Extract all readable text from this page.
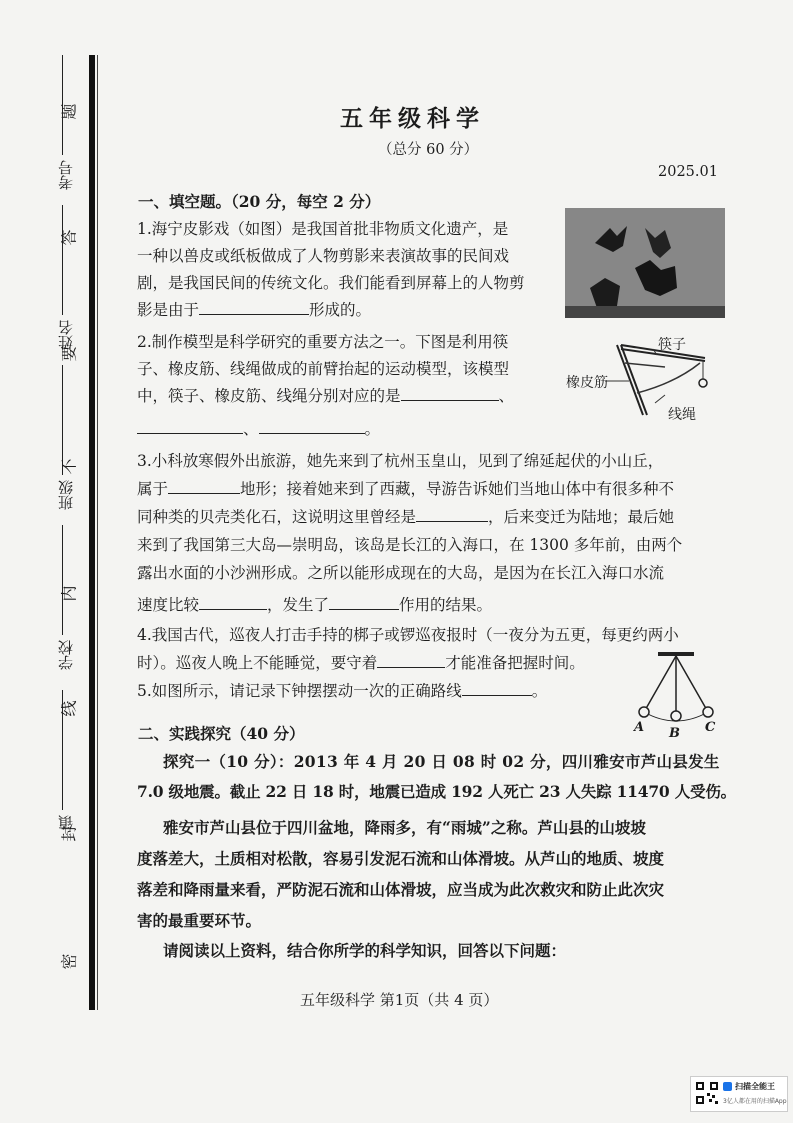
考号
姓名
班级
学校
镇
题
答
要
不
内
线
封
密
五年级科学
（总分 60 分）
2025.01
一、填空题。（20 分，每空 2 分）
1.海宁皮影戏（如图）是我国首批非物质文化遗产，是
一种以兽皮或纸板做成了人物剪影来表演故事的民间戏
剧，是我国民间的传统文化。我们能看到屏幕上的人物剪
影是由于	形成的。
2.制作模型是科学研究的重要方法之一。下图是利用筷
子、橡皮筋、线绳做成的前臂抬起的运动模型，该模型
中，筷子、橡皮筋、线绳分别对应的是	、
、	。
筷子
橡皮筋
线绳
3.小科放寒假外出旅游，她先来到了杭州玉皇山，见到了绵延起伏的小山丘，
属于	地形；接着她来到了西藏，导游告诉她们当地山体中有很多种不
同种类的贝壳类化石，这说明这里曾经是	，后来变迁为陆地；最后她
来到了我国第三大岛—崇明岛，该岛是长江的入海口，在 1300 多年前，由两个
露出水面的小沙洲形成。之所以能形成现在的大岛，是因为在长江入海口水流
速度比较	，发生了	作用的结果。
4.我国古代，巡夜人打击手持的梆子或锣巡夜报时（一夜分为五更，每更约两小
时）。巡夜人晚上不能睡觉，要守着	才能准备把握时间。
5.如图所示，请记录下钟摆摆动一次的正确路线	。
A B C
二、实践探究（40 分）
探究一（10 分）：2013 年 4 月 20 日 08 时 02 分，四川雅安市芦山县发生
7.0 级地震。截止 22 日 18 时，地震已造成 192 人死亡 23 人失踪 11470 人受伤。
雅安市芦山县位于四川盆地，降雨多，有“雨城”之称。芦山县的山坡坡
度落差大，土质相对松散，容易引发泥石流和山体滑坡。从芦山的地质、坡度
落差和降雨量来看，严防泥石流和山体滑坡，应当成为此次救灾和防止此次灾
害的最重要环节。
请阅读以上资料，结合你所学的科学知识，回答以下问题：
五年级科学 第1页（共 4 页）
扫描全能王
3亿人都在用的扫描App
